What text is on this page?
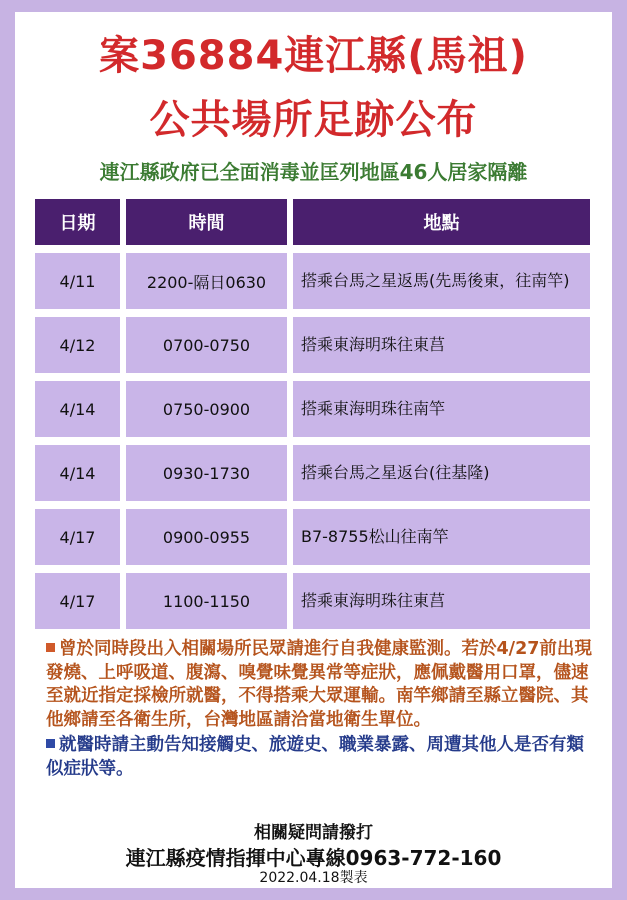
案36884連江縣(馬祖)
公共場所足跡公布
連江縣政府已全面消毒並匡列地區46人居家隔離
日期	時間	地點
4/11	2200-隔日0630	搭乘台馬之星返馬(先馬後東，往南竿)
4/12	0700-0750	搭乘東海明珠往東莒
4/14	0750-0900	搭乘東海明珠往南竿
4/14	0930-1730	搭乘台馬之星返台(往基隆)
4/17	0900-0955	B7-8755松山往南竿
4/17	1100-1150	搭乘東海明珠往東莒
曾於同時段出入相關場所民眾請進行自我健康監測。若於4/27前出現發燒、上呼吸道、腹瀉、嗅覺味覺異常等症狀，應佩戴醫用口罩，儘速至就近指定採檢所就醫，不得搭乘大眾運輸。南竿鄉請至縣立醫院、其他鄉請至各衛生所，台灣地區請洽當地衛生單位。
就醫時請主動告知接觸史、旅遊史、職業暴露、周遭其他人是否有類似症狀等。
相關疑問請撥打
連江縣疫情指揮中心專線0963-772-160
2022.04.18製表
